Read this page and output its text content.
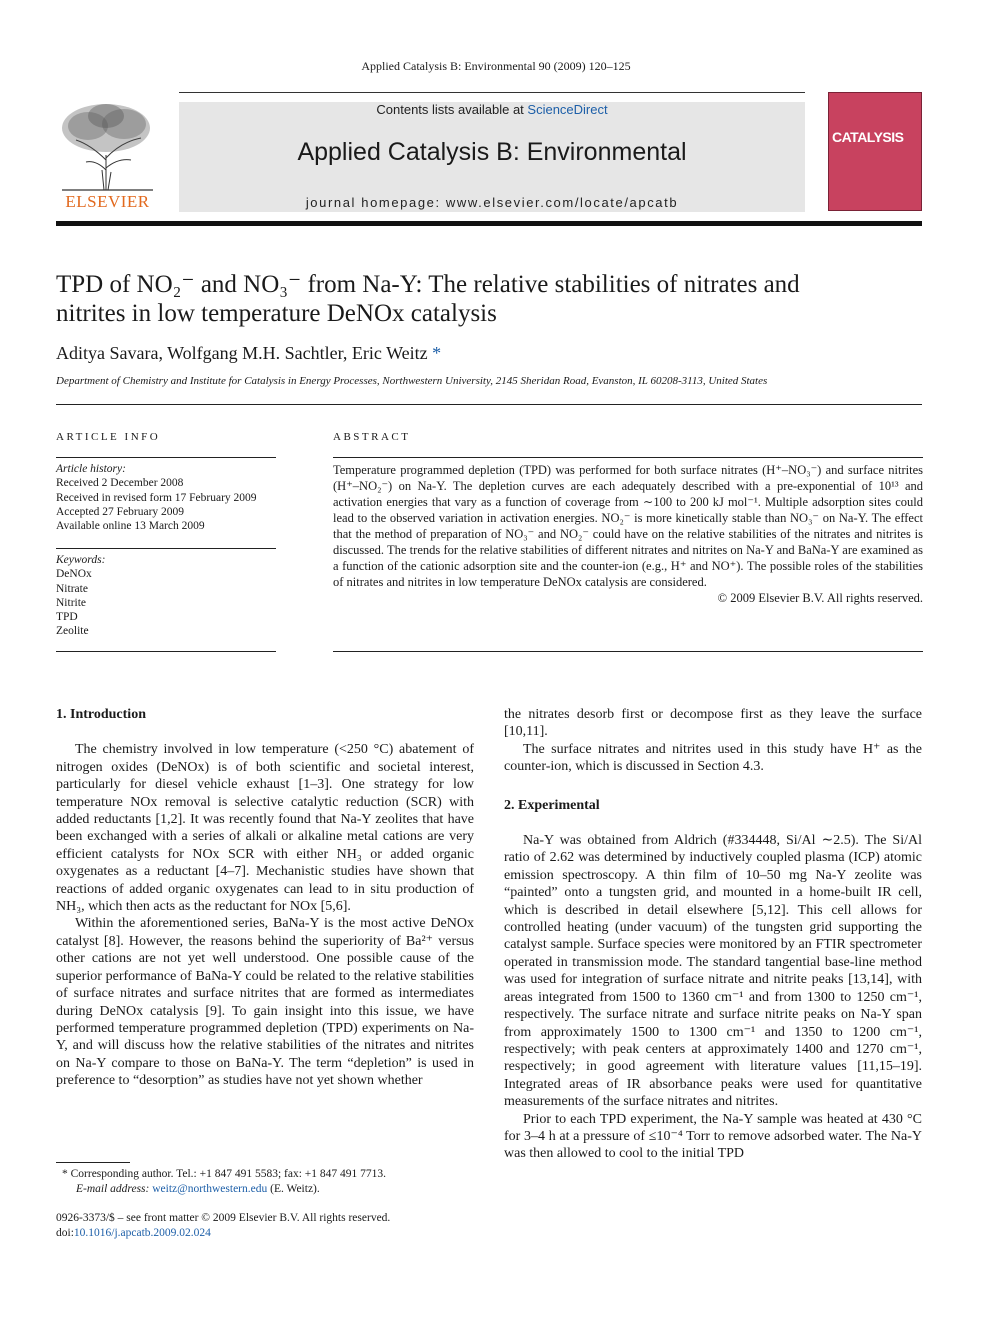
Applied Catalysis B: Environmental 90 (2009) 120–125
ELSEVIER
Contents lists available at ScienceDirect
Applied Catalysis B: Environmental
journal homepage: www.elsevier.com/locate/apcatb
CATALYSIS
TPD of NO₂⁻ and NO₃⁻ from Na-Y: The relative stabilities of nitrates and
nitrites in low temperature DeNOx catalysis
Aditya Savara, Wolfgang M.H. Sachtler, Eric Weitz *
Department of Chemistry and Institute for Catalysis in Energy Processes, Northwestern University, 2145 Sheridan Road, Evanston, IL 60208-3113, United States
ARTICLE INFO
Article history:
Received 2 December 2008
Received in revised form 17 February 2009
Accepted 27 February 2009
Available online 13 March 2009
Keywords:
DeNOx
Nitrate
Nitrite
TPD
Zeolite
ABSTRACT
Temperature programmed depletion (TPD) was performed for both surface nitrates (H⁺–NO₃⁻) and surface nitrites (H⁺–NO₂⁻) on Na-Y. The depletion curves are each adequately described with a pre-exponential of 10¹³ and activation energies that vary as a function of coverage from ∼100 to 200 kJ mol⁻¹. Multiple adsorption sites could lead to the observed variation in activation energies. NO₂⁻ is more kinetically stable than NO₃⁻ on Na-Y. The effect that the method of preparation of NO₃⁻ and NO₂⁻ could have on the relative stabilities of the nitrates and nitrites is discussed. The trends for the relative stabilities of different nitrates and nitrites on Na-Y and BaNa-Y are examined as a function of the cationic adsorption site and the counter-ion (e.g., H⁺ and NO⁺). The possible roles of the stabilities of nitrates and nitrites in low temperature DeNOx catalysis are considered.
© 2009 Elsevier B.V. All rights reserved.
1. Introduction

The chemistry involved in low temperature (<250 °C) abatement of nitrogen oxides (DeNOx) is of both scientific and societal interest, particularly for diesel vehicle exhaust [1–3]. One strategy for low temperature NOx removal is selective catalytic reduction (SCR) with added reductants [1,2]. It was recently found that Na-Y zeolites that have been exchanged with a series of alkali or alkaline metal cations are very efficient catalysts for NOx SCR with either NH₃ or added organic oxygenates as a reductant [4–7]. Mechanistic studies have shown that reactions of added organic oxygenates can lead to in situ production of NH₃, which then acts as the reductant for NOx [5,6].

Within the aforementioned series, BaNa-Y is the most active DeNOx catalyst [8]. However, the reasons behind the superiority of Ba²⁺ versus other cations are not yet well understood. One possible cause of the superior performance of BaNa-Y could be related to the relative stabilities of surface nitrates and surface nitrites that are formed as intermediates during DeNOx catalysis [9]. To gain insight into this issue, we have performed temperature programmed depletion (TPD) experiments on Na-Y, and will discuss how the relative stabilities of the nitrates and nitrites on Na-Y compare to those on BaNa-Y. The term “depletion” is used in preference to “desorption” as studies have not yet shown whether

* Corresponding author. Tel.: +1 847 491 5583; fax: +1 847 491 7713.
E-mail address: weitz@northwestern.edu (E. Weitz).
0926-3373/$ – see front matter © 2009 Elsevier B.V. All rights reserved.
doi:10.1016/j.apcatb.2009.02.024

the nitrates desorb first or decompose first as they leave the surface [10,11].

The surface nitrates and nitrites used in this study have H⁺ as the counter-ion, which is discussed in Section 4.3.

2. Experimental

Na-Y was obtained from Aldrich (#334448, Si/Al ∼2.5). The Si/Al ratio of 2.62 was determined by inductively coupled plasma (ICP) atomic emission spectroscopy. A thin film of 10–50 mg Na-Y zeolite was “painted” onto a tungsten grid, and mounted in a home-built IR cell, which is described in detail elsewhere [5,12]. This cell allows for controlled heating (under vacuum) of the tungsten grid supporting the catalyst sample. Surface species were monitored by an FTIR spectrometer operated in transmission mode. The standard tangential base-line method was used for integration of surface nitrate and nitrite peaks [13,14], with areas integrated from 1500 to 1360 cm⁻¹ and from 1300 to 1250 cm⁻¹, respectively. The surface nitrate and surface nitrite peaks on Na-Y span from approximately 1500 to 1300 cm⁻¹ and 1350 to 1200 cm⁻¹, respectively; with peak centers at approximately 1400 and 1270 cm⁻¹, respectively; in good agreement with literature values [11,15–19]. Integrated areas of IR absorbance peaks were used for quantitative measurements of the surface nitrates and nitrites.

Prior to each TPD experiment, the Na-Y sample was heated at 430 °C for 3–4 h at a pressure of ≤10⁻⁴ Torr to remove adsorbed water. The Na-Y was then allowed to cool to the initial TPD
